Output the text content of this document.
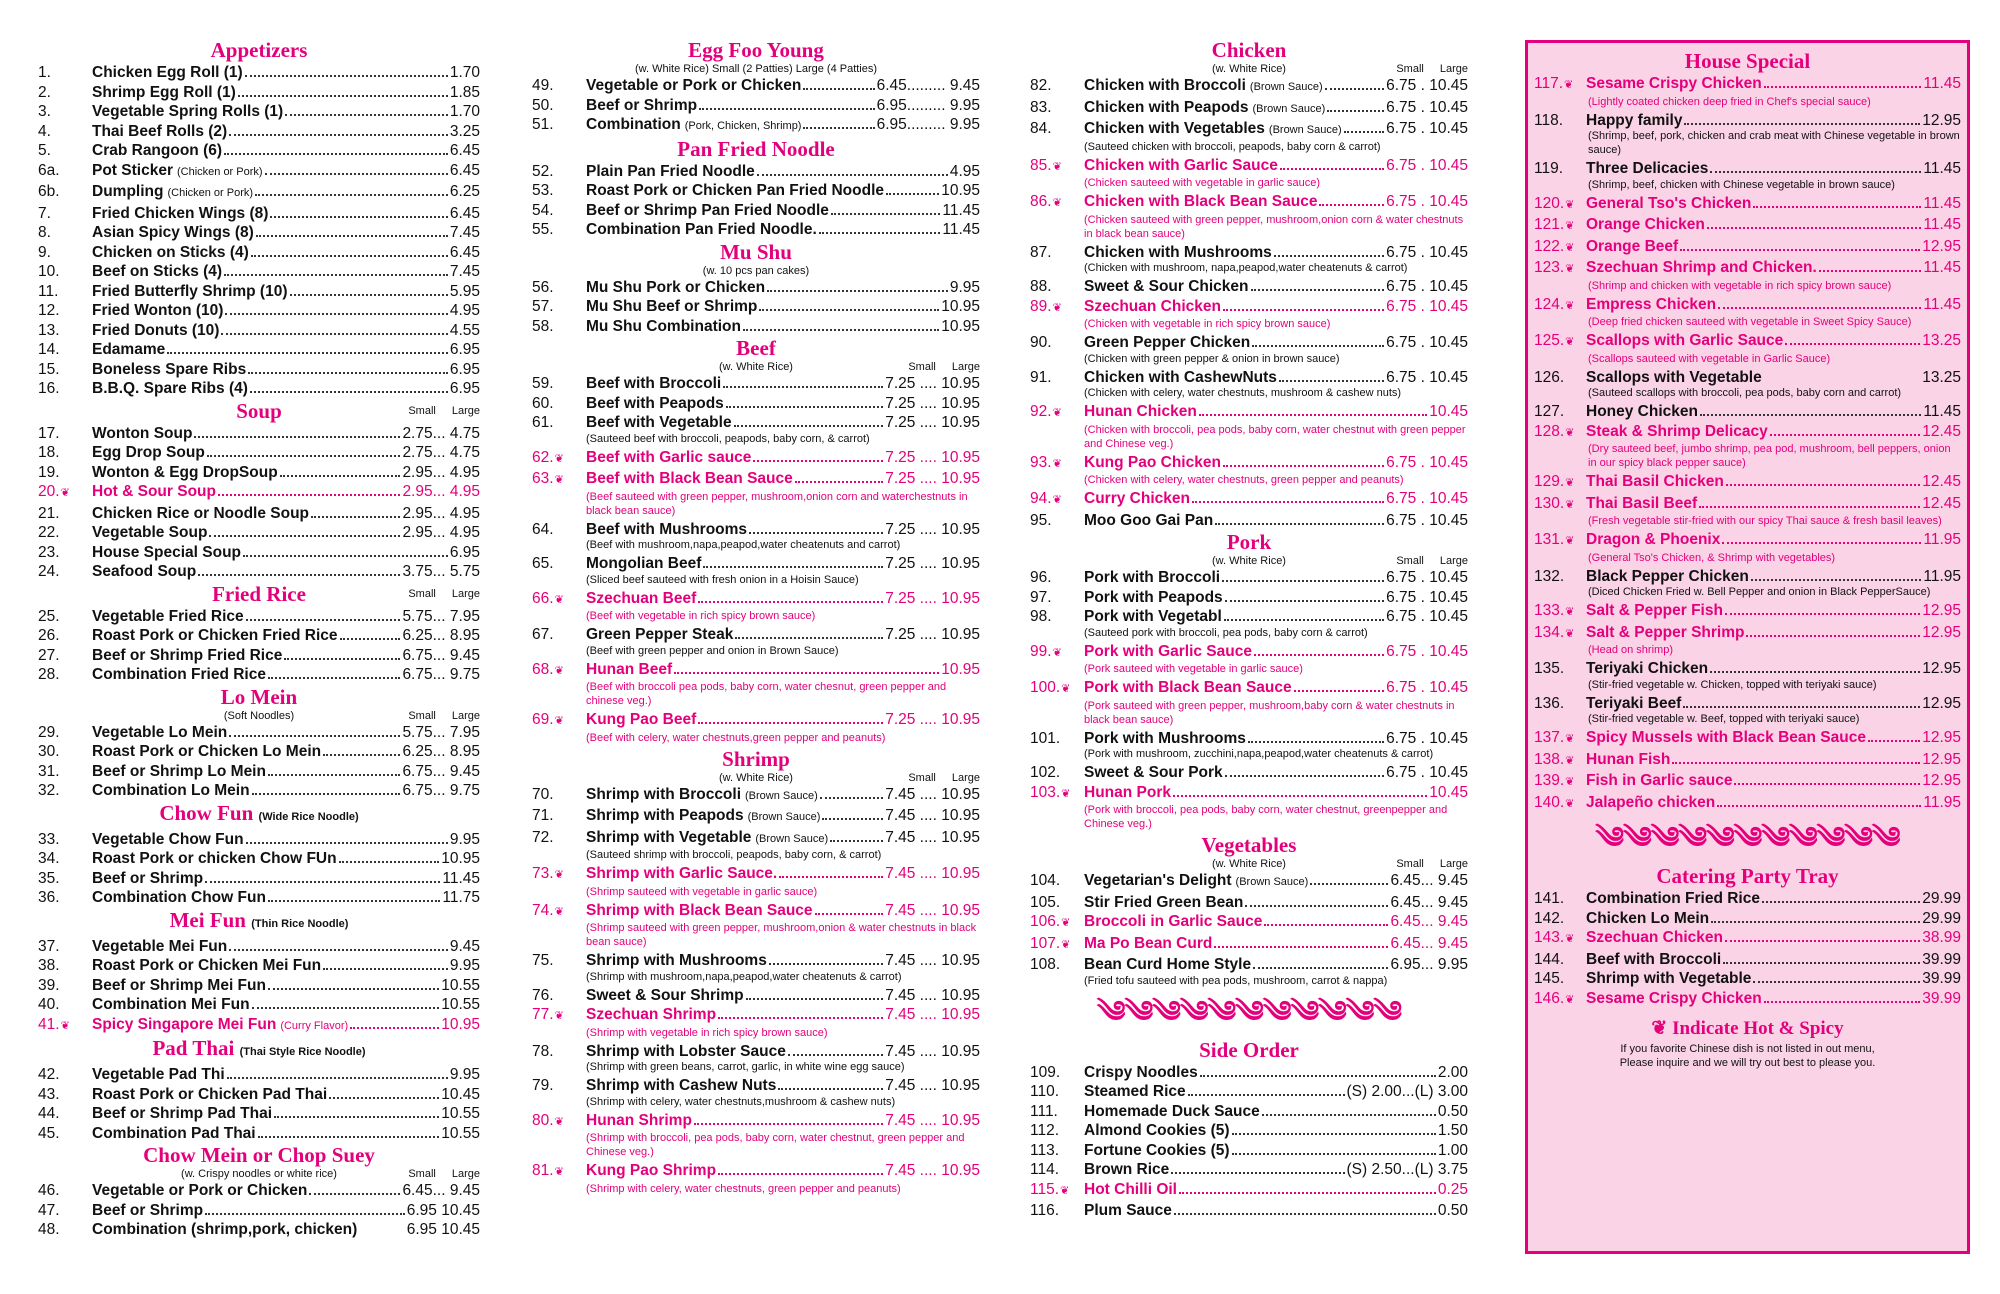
Appetizers
1.	Chicken Egg Roll (1)	1.70
2.	Shrimp Egg Roll (1)	1.85
3.	Vegetable Spring Rolls (1)	1.70
4.	Thai Beef Rolls (2)	3.25
5.	Crab Rangoon (6)	6.45
6a.	Pot Sticker (Chicken or Pork)	6.45
6b.	Dumpling (Chicken or Pork)	6.25
7.	Fried Chicken Wings (8)	6.45
8.	Asian Spicy Wings (8)	7.45
9.	Chicken on Sticks (4)	6.45
10.	Beef on Sticks (4)	7.45
11.	Fried Butterfly Shrimp (10)	5.95
12.	Fried Wonton (10)	4.95
13.	Fried Donuts (10)	4.55
14.	Edamame	6.95
15.	Boneless Spare Ribs	6.95
16.	B.B.Q. Spare Ribs (4)	6.95
Soup	Small Large
17.	Wonton Soup	2.75... 4.75
18.	Egg Drop Soup	2.75... 4.75
19.	Wonton & Egg DropSoup	2.95... 4.95
20.❦	Hot & Sour Soup	2.95... 4.95
21.	Chicken Rice or Noodle Soup	2.95... 4.95
22.	Vegetable Soup	2.95... 4.95
23.	House Special Soup	6.95
24.	Seafood Soup	3.75... 5.75
Fried Rice	Small Large
25.	Vegetable Fried Rice	5.75... 7.95
26.	Roast Pork or Chicken Fried Rice	6.25... 8.95
27.	Beef or Shrimp Fried Rice	6.75... 9.45
28.	Combination Fried Rice	6.75... 9.75
Lo Mein
(Soft Noodles)	Small Large
29.	Vegetable Lo Mein	5.75... 7.95
30.	Roast Pork or Chicken Lo Mein	6.25... 8.95
31.	Beef or Shrimp Lo Mein	6.75... 9.45
32.	Combination Lo Mein	6.75... 9.75
Chow Fun (Wide Rice Noodle)
33.	Vegetable Chow Fun	9.95
34.	Roast Pork or chicken Chow FUn	10.95
35.	Beef or Shrimp	11.45
36.	Combination Chow Fun	11.75
Mei Fun (Thin Rice Noodle)
37.	Vegetable Mei Fun	9.45
38.	Roast Pork or Chicken Mei Fun	9.95
39.	Beef or Shrimp Mei Fun	10.55
40.	Combination Mei Fun	10.55
41.❦	Spicy Singapore Mei Fun (Curry Flavor)	10.95
Pad Thai (Thai Style Rice Noodle)
42.	Vegetable Pad Thi	9.95
43.	Roast Pork or Chicken Pad Thai	10.45
44.	Beef or Shrimp Pad Thai	10.55
45.	Combination Pad Thai	10.55
Chow Mein or Chop Suey
(w. Crispy noodles or white rice)	Small Large
46.	Vegetable or Pork or Chicken	6.45... 9.45
47.	Beef or Shrimp	6.95 10.45
48.	Combination (shrimp,pork, chicken)	6.95 10.45
Egg Foo Young
(w. White Rice) Small (2 Patties) Large (4 Patties)
49.	Vegetable or Pork or Chicken	6.45......... 9.45
50.	Beef or Shrimp	6.95......... 9.95
51.	Combination (Pork, Chicken, Shrimp)	6.95......... 9.95
Pan Fried Noodle
52.	Plain Pan Fried Noodle	4.95
53.	Roast Pork or Chicken Pan Fried Noodle	10.95
54.	Beef or Shrimp Pan Fried Noodle	11.45
55.	Combination Pan Fried Noodle.	11.45
Mu Shu
(w. 10 pcs pan cakes)
56.	Mu Shu Pork or Chicken	9.95
57.	Mu Shu Beef or Shrimp	10.95
58.	Mu Shu Combination	10.95
Beef
(w. White Rice)	Small Large
59.	Beef with Broccoli	7.25 .... 10.95
60.	Beef with Peapods	7.25 .... 10.95
61.	Beef with Vegetable	7.25 .... 10.95
(Sauteed beef with broccoli, peapods, baby corn, & carrot)
62.❦	Beef with Garlic sauce	7.25 .... 10.95
63.❦	Beef with Black Bean Sauce	7.25 .... 10.95
(Beef sauteed with green pepper, mushroom,onion corn and waterchestnuts in black bean sauce)
64.	Beef with Mushrooms	7.25 .... 10.95
(Beef with mushroom,napa,peapod,water cheatenuts and carrot)
65.	Mongolian Beef	7.25 .... 10.95
(Sliced beef sauteed with fresh onion in a Hoisin Sauce)
66.❦	Szechuan Beef	7.25 .... 10.95
(Beef with vegetable in rich spicy brown sauce)
67.	Green Pepper Steak	7.25 .... 10.95
(Beef with green pepper and onion in Brown Sauce)
68.❦	Hunan Beef	10.95
(Beef with broccoli pea pods, baby corn, water chesnut, green pepper and chinese veg.)
69.❦	Kung Pao Beef	7.25 .... 10.95
(Beef with celery, water chestnuts,green pepper and peanuts)
Shrimp
(w. White Rice)	Small Large
70.	Shrimp with Broccoli (Brown Sauce)	7.45 .... 10.95
71.	Shrimp with Peapods (Brown Sauce)	7.45 .... 10.95
72.	Shrimp with Vegetable (Brown Sauce)	7.45 .... 10.95
(Sauteed shrimp with broccoli, peapods, baby corn, & carrot)
73.❦	Shrimp with Garlic Sauce.	7.45 .... 10.95
(Shrimp sauteed with vegetable in garlic sauce)
74.❦	Shrimp with Black Bean Sauce	7.45 .... 10.95
(Shrimp sauteed with green pepper, mushroom,onion & water chestnuts in black bean sauce)
75.	Shrimp with Mushrooms	7.45 .... 10.95
(Shrimp with mushroom,napa,peapod,water cheatenuts & carrot)
76.	Sweet & Sour Shrimp	7.45 .... 10.95
77.❦	Szechuan Shrimp	7.45 .... 10.95
(Shrimp with vegetable in rich spicy brown sauce)
78.	Shrimp with Lobster Sauce	7.45 .... 10.95
(Shrimp with green beans, carrot, garlic, in white wine egg sauce)
79.	Shrimp with Cashew Nuts	7.45 .... 10.95
(Shrimp with celery, water chestnuts,mushroom & cashew nuts)
80.❦	Hunan Shrimp	7.45 .... 10.95
(Shrimp with broccoli, pea pods, baby corn, water chestnut, green pepper and Chinese veg.)
81.❦	Kung Pao Shrimp	7.45 .... 10.95
(Shrimp with celery, water chestnuts, green pepper and peanuts)
Chicken
(w. White Rice)	Small Large
82.	Chicken with Broccoli (Brown Sauce)	6.75 . 10.45
83.	Chicken with Peapods (Brown Sauce)	6.75 . 10.45
84.	Chicken with Vegetables (Brown Sauce)	6.75 . 10.45
(Sauteed chicken with broccoli, peapods, baby corn & carrot)
85.❦	Chicken with Garlic Sauce	6.75 . 10.45
(Chicken sauteed with vegetable in garlic sauce)
86.❦	Chicken with Black Bean Sauce	6.75 . 10.45
(Chicken sauteed with green pepper, mushroom,onion corn & water chestnuts in black bean sauce)
87.	Chicken with Mushrooms	6.75 . 10.45
(Chicken with mushroom, napa,peapod,water cheatenuts & carrot)
88.	Sweet & Sour Chicken	6.75 . 10.45
89.❦	Szechuan Chicken	6.75 . 10.45
(Chicken with vegetable in rich spicy brown sauce)
90.	Green Pepper Chicken	6.75 . 10.45
(Chicken with green pepper & onion in brown sauce)
91.	Chicken with CashewNuts	6.75 . 10.45
(Chicken with celery, water chestnuts, mushroom & cashew nuts)
92.❦	Hunan Chicken	10.45
(Chicken with broccoli, pea pods, baby corn, water chestnut with green pepper and Chinese veg.)
93.❦	Kung Pao Chicken	6.75 . 10.45
(Chicken with celery, water chestnuts, green pepper and peanuts)
94.❦	Curry Chicken	6.75 . 10.45
95.	Moo Goo Gai Pan	6.75 . 10.45
Pork
(w. White Rice)	Small Large
96.	Pork with Broccoli	6.75 . 10.45
97.	Pork with Peapods	6.75 . 10.45
98.	Pork with Vegetabl	6.75 . 10.45
(Sauteed pork with broccoli, pea pods, baby corn & carrot)
99.❦	Pork with Garlic Sauce	6.75 . 10.45
(Pork sauteed with vegetable in garlic sauce)
100.❦ Pork with Black Bean Sauce	6.75 . 10.45
(Pork sauteed with green pepper, mushroom,baby corn & water chestnuts in black bean sauce)
101.	Pork with Mushrooms	6.75 . 10.45
(Pork with mushroom, zucchini,napa,peapod,water cheatenuts & carrot)
102.	Sweet & Sour Pork	6.75 . 10.45
103.❦ Hunan Pork	10.45
(Pork with broccoli, pea pods, baby corn, water chestnut, greenpepper and Chinese veg.)
Vegetables
(w. White Rice)	Small Large
104.	Vegetarian's Delight (Brown Sauce)	6.45... 9.45
105.	Stir Fried Green Bean	6.45... 9.45
106.❦ Broccoli in Garlic Sauce	6.45... 9.45
107.❦ Ma Po Bean Curd	6.45... 9.45
108.	Bean Curd Home Style	6.95... 9.95
(Fried tofu sauteed with pea pods, mushroom, carrot & nappa)
༄༄༄༄༄༄༄༄༄༄༄
Side Order
109.	Crispy Noodles	2.00
110.	Steamed Rice	(S) 2.00...(L) 3.00
111.	Homemade Duck Sauce	0.50
112.	Almond Cookies (5)	1.50
113.	Fortune Cookies (5)	1.00
114.	Brown Rice	(S) 2.50...(L) 3.75
115.❦ Hot Chilli Oil	0.25
116.	Plum Sauce	0.50
House Special
117.❦ Sesame Crispy Chicken	11.45
(Lightly coated chicken deep fried in Chef's special sauce)
118.	Happy family	12.95
(Shrimp, beef, pork, chicken and crab meat with Chinese vegetable in brown sauce)
119.	Three Delicacies	11.45
(Shrimp, beef, chicken with Chinese vegetable in brown sauce)
120.❦ General Tso's Chicken	11.45
121.❦ Orange Chicken	11.45
122.❦ Orange Beef	12.95
123.❦ Szechuan Shrimp and Chicken.	11.45
(Shrimp and chicken with vegetable in rich spicy brown sauce)
124.❦ Empress Chicken	11.45
(Deep fried chicken sauteed with vegetable in Sweet Spicy Sauce)
125.❦ Scallops with Garlic Sauce	13.25
(Scallops sauteed with vegetable in Garlic Sauce)
126.	Scallops with Vegetable	13.25
(Sauteed scallops with broccoli, pea pods, baby corn and carrot)
127.	Honey Chicken	11.45
128.❦ Steak & Shrimp Delicacy	12.45
(Dry sauteed beef, jumbo shrimp, pea pod, mushroom, bell peppers, onion in our spicy black pepper sauce)
129.❦ Thai Basil Chicken	12.45
130.❦ Thai Basil Beef	12.45
(Fresh vegetable stir-fried with our spicy Thai sauce & fresh basil leaves)
131.❦ Dragon & Phoenix	11.95
(General Tso's Chicken, & Shrimp with vegetables)
132.	Black Pepper Chicken	11.95
(Diced Chicken Fried w. Bell Pepper and onion in Black PepperSauce)
133.❦ Salt & Pepper Fish	12.95
134.❦ Salt & Pepper Shrimp	12.95
(Head on shrimp)
135.	Teriyaki Chicken	12.95
(Stir-fried vegetable w. Chicken, topped with teriyaki sauce)
136.	Teriyaki Beef	12.95
(Stir-fried vegetable w. Beef, topped with teriyaki sauce)
137.❦ Spicy Mussels with Black Bean Sauce	12.95
138.❦ Hunan Fish	12.95
139.❦ Fish in Garlic sauce	12.95
140.❦ Jalapeño chicken	11.95
༄༄༄༄༄༄༄༄༄༄༄
Catering Party Tray
141.	Combination Fried Rice	29.99
142.	Chicken Lo Mein	29.99
143.❦ Szechuan Chicken	38.99
144.	Beef with Broccoli	39.99
145.	Shrimp with Vegetable	39.99
146.❦ Sesame Crispy Chicken	39.99
❦ Indicate Hot & Spicy
If you favorite Chinese dish is not listed in out menu,
Please inquire and we will try out best to please you.
